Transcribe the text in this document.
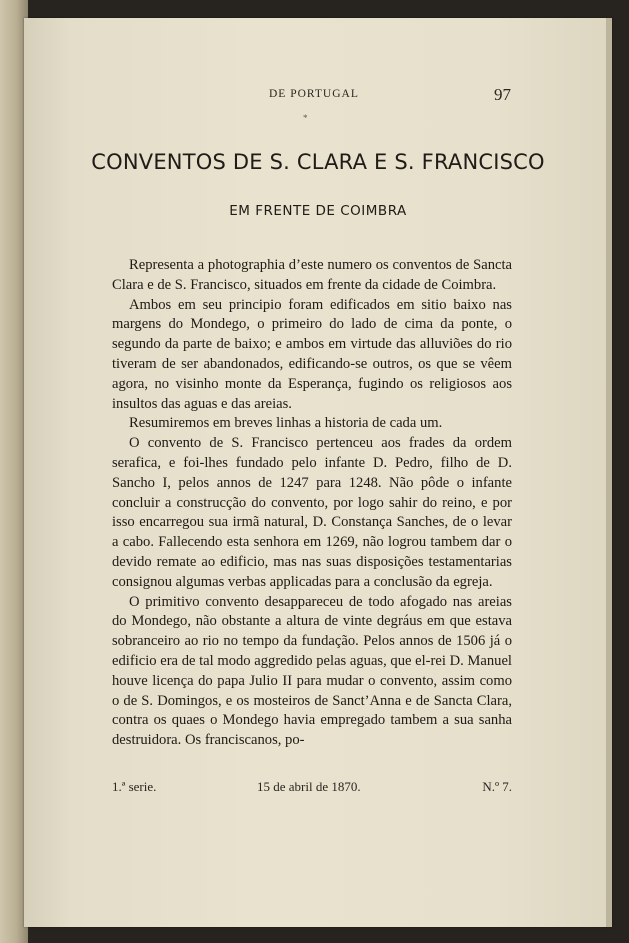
DE PORTUGAL	97
*
CONVENTOS DE S. CLARA E S. FRANCISCO
EM FRENTE DE COIMBRA

Representa a photographia d’este numero os conventos de Sancta Clara e de S. Francisco, situados em frente da cidade de Coimbra.

Ambos em seu principio foram edificados em sitio baixo nas margens do Mondego, o primeiro do lado de cima da ponte, o segundo da parte de baixo; e ambos em virtude das alluviões do rio tiveram de ser abandonados, edificando-se outros, os que se vêem agora, no visinho monte da Esperança, fugindo os religiosos aos insultos das aguas e das areias.

Resumiremos em breves linhas a historia de cada um.

O convento de S. Francisco pertenceu aos frades da ordem serafica, e foi-lhes fundado pelo infante D. Pedro, filho de D. Sancho I, pelos annos de 1247 para 1248. Não pôde o infante concluir a construcção do convento, por logo sahir do reino, e por isso encarregou sua irmã natural, D. Constança Sanches, de o levar a cabo. Fallecendo esta senhora em 1269, não logrou tambem dar o devido remate ao edificio, mas nas suas disposições testamentarias consignou algumas verbas applicadas para a conclusão da egreja.

O primitivo convento desappareceu de todo afogado nas areias do Mondego, não obstante a altura de vinte degráus em que estava sobranceiro ao rio no tempo da fundação. Pelos annos de 1506 já o edificio era de tal modo aggredido pelas aguas, que el-rei D. Manuel houve licença do papa Julio II para mudar o convento, assim como o de S. Domingos, e os mosteiros de Sanct’Anna e de Sancta Clara, contra os quaes o Mondego havia empregado tambem a sua sanha destruidora. Os franciscanos, po-

1.ª serie.	15 de abril de 1870.	N.º 7.
